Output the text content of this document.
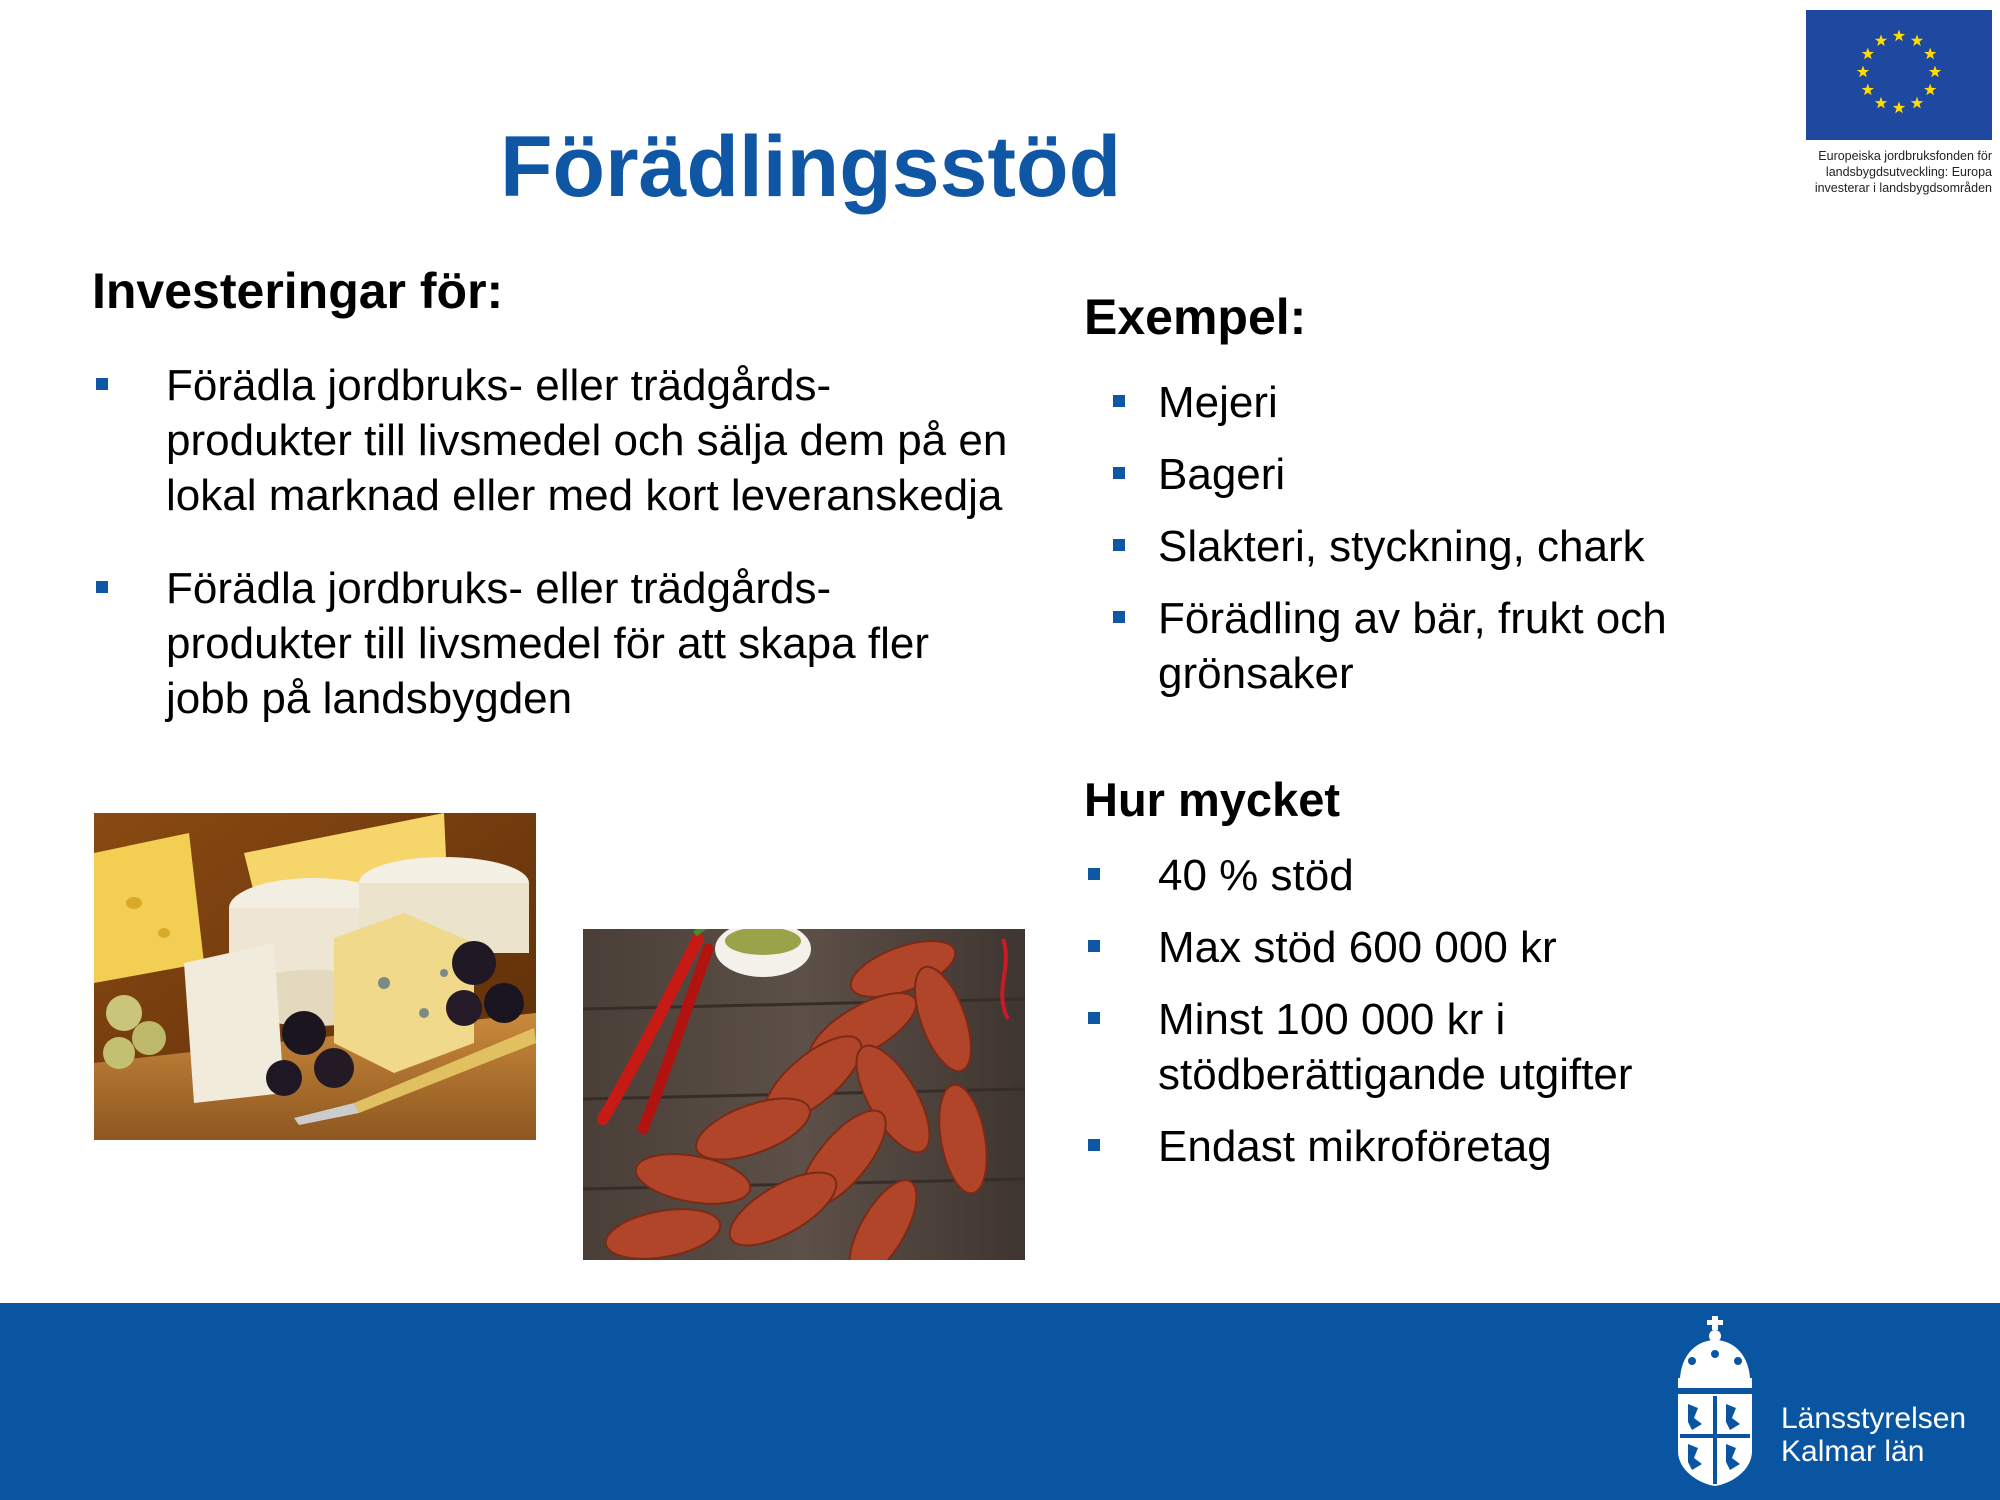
Förädlingsstöd	Europeiska jordbruksfonden för
landsbygdsutveckling: Europa
investerar i landsbygdsområden
Investeringar för:
Förädla jordbruks- eller trädgårds-produkter till livsmedel och sälja dem på en lokal marknad eller med kort leveranskedja
Förädla jordbruks- eller trädgårds-produkter till livsmedel för att skapa fler jobb på landsbygden
Exempel:
Mejeri
Bageri
Slakteri, styckning, chark
Förädling av bär, frukt och grönsaker
Hur mycket
40 % stöd
Max stöd 600 000 kr
Minst 100 000 kr i stödberättigande utgifter
Endast mikroföretag
Länsstyrelsen
Kalmar län
